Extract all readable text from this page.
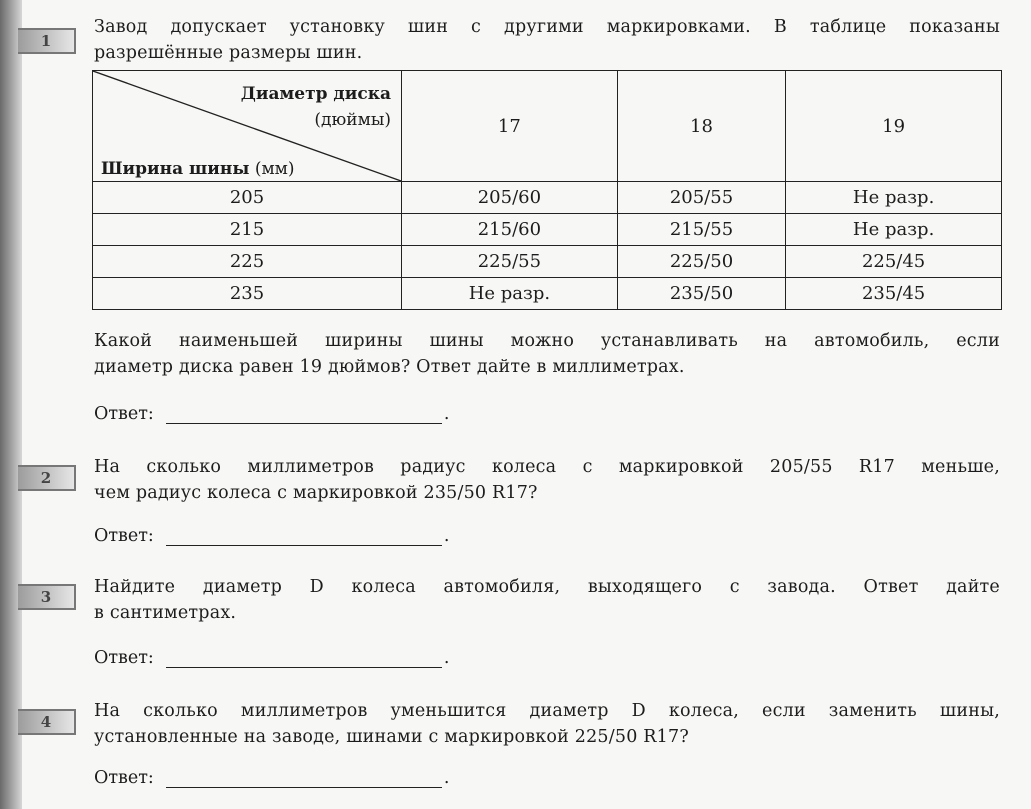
1
Завод допускает установку шин с другими маркировками. В таблице показаны
разрешённые размеры шин.
Диаметр диска
(дюймы)
Ширина шины (мм)	17	18	19
205	205/60	205/55	Не разр.
215	215/60	215/55	Не разр.
225	225/55	225/50	225/45
235	Не разр.	235/50	235/45
Какой наименьшей ширины шины можно устанавливать на автомобиль, если
диаметр диска равен 19 дюймов? Ответ дайте в миллиметрах.
Ответ:	.
2
На сколько миллиметров радиус колеса с маркировкой 205/55 R17 меньше,
чем радиус колеса с маркировкой 235/50 R17?
Ответ:	.
3 Найдите диаметр D колеса автомобиля, выходящего с завода. Ответ дайте
в сантиметрах.
Ответ:	.
4
На сколько миллиметров уменьшится диаметр D колеса, если заменить шины,
установленные на заводе, шинами с маркировкой 225/50 R17?
Ответ:	.
